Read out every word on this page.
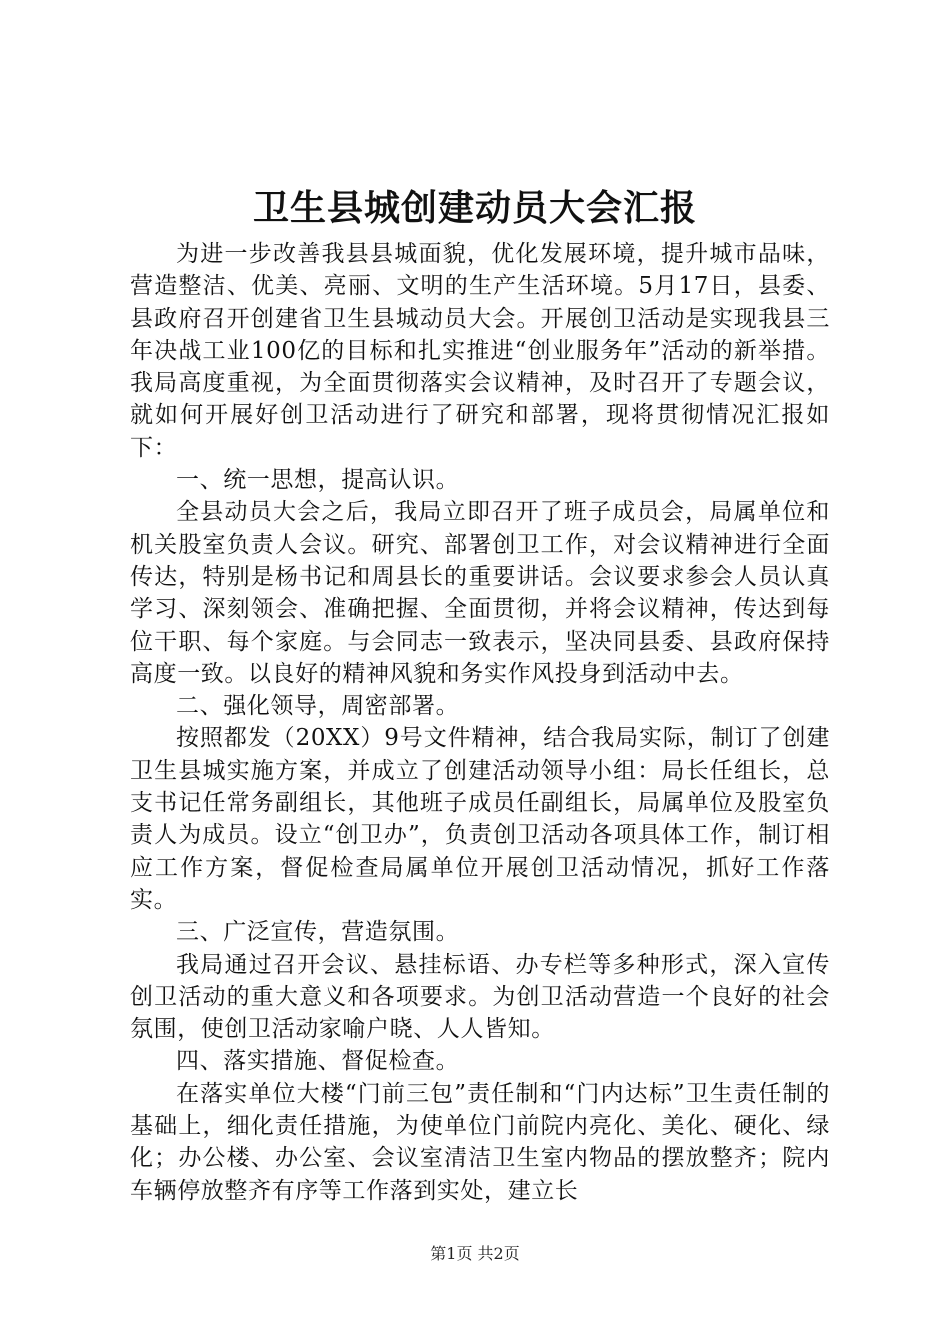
卫生县城创建动员大会汇报

为进一步改善我县县城面貌，优化发展环境，提升城市品味，营造整洁、优美、亮丽、文明的生产生活环境。5月17日，县委、县政府召开创建省卫生县城动员大会。开展创卫活动是实现我县三年决战工业100亿的目标和扎实推进“创业服务年”活动的新举措。我局高度重视，为全面贯彻落实会议精神，及时召开了专题会议，就如何开展好创卫活动进行了研究和部署，现将贯彻情况汇报如下：

一、统一思想，提高认识。

全县动员大会之后，我局立即召开了班子成员会，局属单位和机关股室负责人会议。研究、部署创卫工作，对会议精神进行全面传达，特别是杨书记和周县长的重要讲话。会议要求参会人员认真学习、深刻领会、准确把握、全面贯彻，并将会议精神，传达到每位干职、每个家庭。与会同志一致表示，坚决同县委、县政府保持高度一致。以良好的精神风貌和务实作风投身到活动中去。

二、强化领导，周密部署。

按照都发（20XX）9号文件精神，结合我局实际，制订了创建卫生县城实施方案，并成立了创建活动领导小组：局长任组长，总支书记任常务副组长，其他班子成员任副组长，局属单位及股室负责人为成员。设立“创卫办”，负责创卫活动各项具体工作，制订相应工作方案，督促检查局属单位开展创卫活动情况，抓好工作落实。

三、广泛宣传，营造氛围。

我局通过召开会议、悬挂标语、办专栏等多种形式，深入宣传创卫活动的重大意义和各项要求。为创卫活动营造一个良好的社会氛围，使创卫活动家喻户晓、人人皆知。

四、落实措施、督促检查。

在落实单位大楼“门前三包”责任制和“门内达标”卫生责任制的基础上，细化责任措施，为使单位门前院内亮化、美化、硬化、绿化；办公楼、办公室、会议室清洁卫生室内物品的摆放整齐；院内车辆停放整齐有序等工作落到实处，建立长

第1页 共2页
